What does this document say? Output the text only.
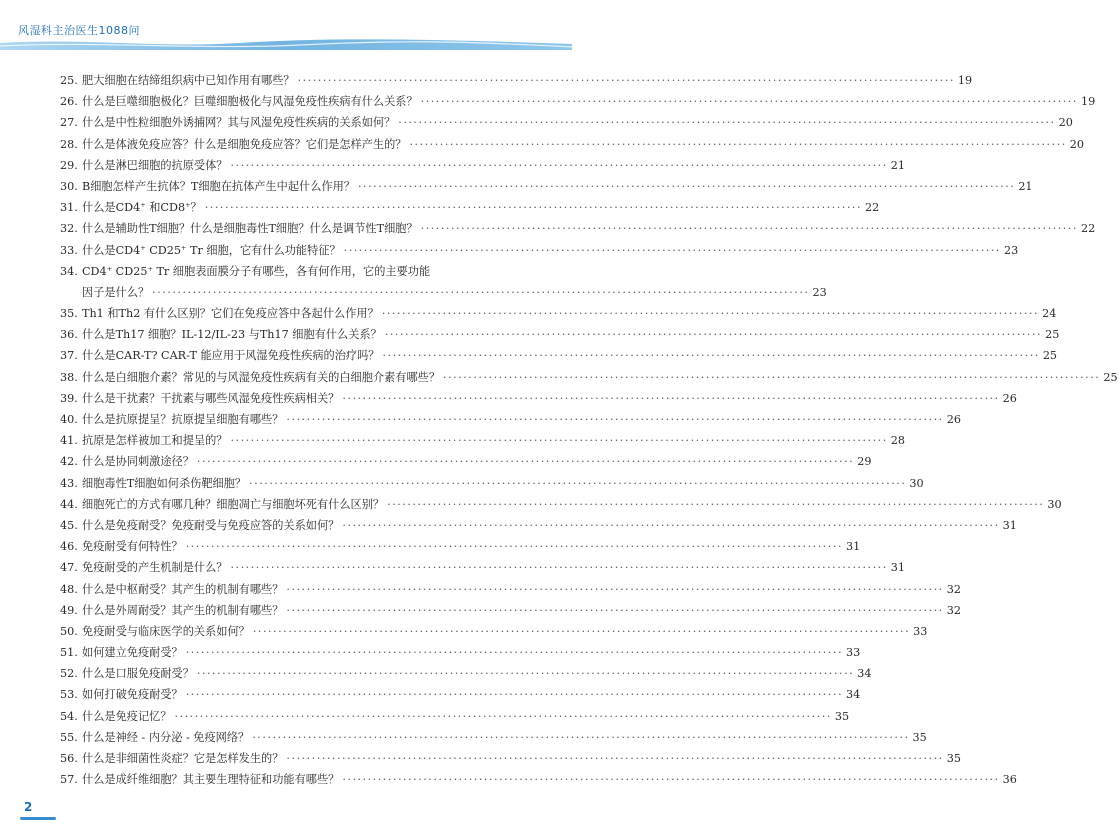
风湿科主治医生1088问
25. 肥大细胞在结缔组织病中已知作用有哪些？ ·····	19
26. 什么是巨噬细胞极化？巨噬细胞极化与风湿免疫性疾病有什么关系？ ·····	19
27. 什么是中性粒细胞外诱捕网？其与风湿免疫性疾病的关系如何？ ·····	20
28. 什么是体液免疫应答？什么是细胞免疫应答？它们是怎样产生的？ ·····	20
29. 什么是淋巴细胞的抗原受体？ ·····	21
30. B细胞怎样产生抗体？T细胞在抗体产生中起什么作用？ ·····	21
31. 什么是CD4+ 和CD8+？ ·····	22
32. 什么是辅助性T细胞？什么是细胞毒性T细胞？什么是调节性T细胞？ ·····	22
33. 什么是CD4+ CD25+ Tr 细胞，它有什么功能特征？ ·····	23
34. CD4+ CD25+ Tr 细胞表面膜分子有哪些，各有何作用，它的主要功能
因子是什么？ ·····	23
35. Th1 和Th2 有什么区别？它们在免疫应答中各起什么作用？ ·····	24
36. 什么是Th17 细胞？IL-12/IL-23 与Th17 细胞有什么关系？ ·····	25
37. 什么是CAR-T? CAR-T 能应用于风湿免疫性疾病的治疗吗？ ·····	25
38. 什么是白细胞介素？常见的与风湿免疫性疾病有关的白细胞介素有哪些？ ·····	25
39. 什么是干扰素？干扰素与哪些风湿免疫性疾病相关？ ·····	26
40. 什么是抗原提呈？抗原提呈细胞有哪些？ ·····	26
41. 抗原是怎样被加工和提呈的？ ·····	28
42. 什么是协同刺激途径？ ·····	29
43. 细胞毒性T细胞如何杀伤靶细胞？ ·····	30
44. 细胞死亡的方式有哪几种？细胞凋亡与细胞坏死有什么区别？ ·····	30
45. 什么是免疫耐受？免疫耐受与免疫应答的关系如何？ ·····	31
46. 免疫耐受有何特性？ ·····	31
47. 免疫耐受的产生机制是什么？ ·····	31
48. 什么是中枢耐受？其产生的机制有哪些？ ·····	32
49. 什么是外周耐受？其产生的机制有哪些？ ·····	32
50. 免疫耐受与临床医学的关系如何？ ·····	33
51. 如何建立免疫耐受？ ·····	33
52. 什么是口服免疫耐受？ ·····	34
53. 如何打破免疫耐受？ ·····	34
54. 什么是免疫记忆？ ·····	35
55. 什么是神经 - 内分泌 - 免疫网络？ ·····	35
56. 什么是非细菌性炎症？它是怎样发生的？ ·····	35
57. 什么是成纤维细胞？其主要生理特征和功能有哪些？ ·····	36
2
